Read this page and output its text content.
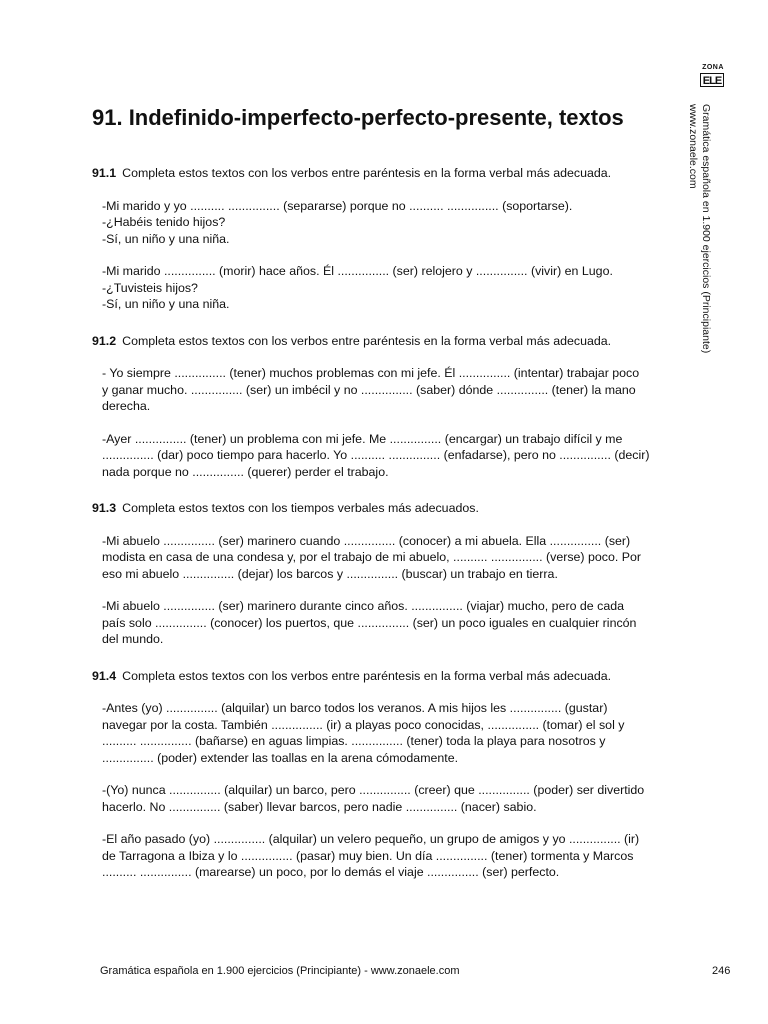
ZONA
ELE
Gramática española en 1.900 ejercicios (Principiante)
www.zonaele.com
91. Indefinido-imperfecto-perfecto-presente, textos
91.1 Completa estos textos con los verbos entre paréntesis en la forma verbal más adecuada.
-Mi marido y yo .......... ............... (separarse) porque no .......... ............... (soportarse).
-¿Habéis tenido hijos?
-Sí, un niño y una niña.
-Mi marido ............... (morir) hace años. Él ............... (ser) relojero y ............... (vivir) en Lugo.
-¿Tuvisteis hijos?
-Sí, un niño y una niña.
91.2 Completa estos textos con los verbos entre paréntesis en la forma verbal más adecuada.
- Yo siempre ............... (tener) muchos problemas con mi jefe. Él ............... (intentar) trabajar poco
y ganar mucho. ............... (ser) un imbécil y no ............... (saber) dónde ............... (tener) la mano
derecha.
-Ayer ............... (tener) un problema con mi jefe. Me ............... (encargar) un trabajo difícil y me
............... (dar) poco tiempo para hacerlo. Yo .......... ............... (enfadarse), pero no ............... (decir)
nada porque no ............... (querer) perder el trabajo.
91.3 Completa estos textos con los tiempos verbales más adecuados.
-Mi abuelo ............... (ser) marinero cuando ............... (conocer) a mi abuela. Ella ............... (ser)
modista en casa de una condesa y, por el trabajo de mi abuelo, .......... ............... (verse) poco. Por
eso mi abuelo ............... (dejar) los barcos y ............... (buscar) un trabajo en tierra.
-Mi abuelo ............... (ser) marinero durante cinco años. ............... (viajar) mucho, pero de cada
país solo ............... (conocer) los puertos, que ............... (ser) un poco iguales en cualquier rincón
del mundo.
91.4 Completa estos textos con los verbos entre paréntesis en la forma verbal más adecuada.
-Antes (yo) ............... (alquilar) un barco todos los veranos. A mis hijos les ............... (gustar)
navegar por la costa. También ............... (ir) a playas poco conocidas, ............... (tomar) el sol y
.......... ............... (bañarse) en aguas limpias. ............... (tener) toda la playa para nosotros y
............... (poder) extender las toallas en la arena cómodamente.
-(Yo) nunca ............... (alquilar) un barco, pero ............... (creer) que ............... (poder) ser divertido
hacerlo. No ............... (saber) llevar barcos, pero nadie ............... (nacer) sabio.
-El año pasado (yo) ............... (alquilar) un velero pequeño, un grupo de amigos y yo ............... (ir)
de Tarragona a Ibiza y lo ............... (pasar) muy bien. Un día ............... (tener) tormenta y Marcos
.......... ............... (marearse) un poco, por lo demás el viaje ............... (ser) perfecto.
Gramática española en 1.900 ejercicios (Principiante) - www.zonaele.com	246
